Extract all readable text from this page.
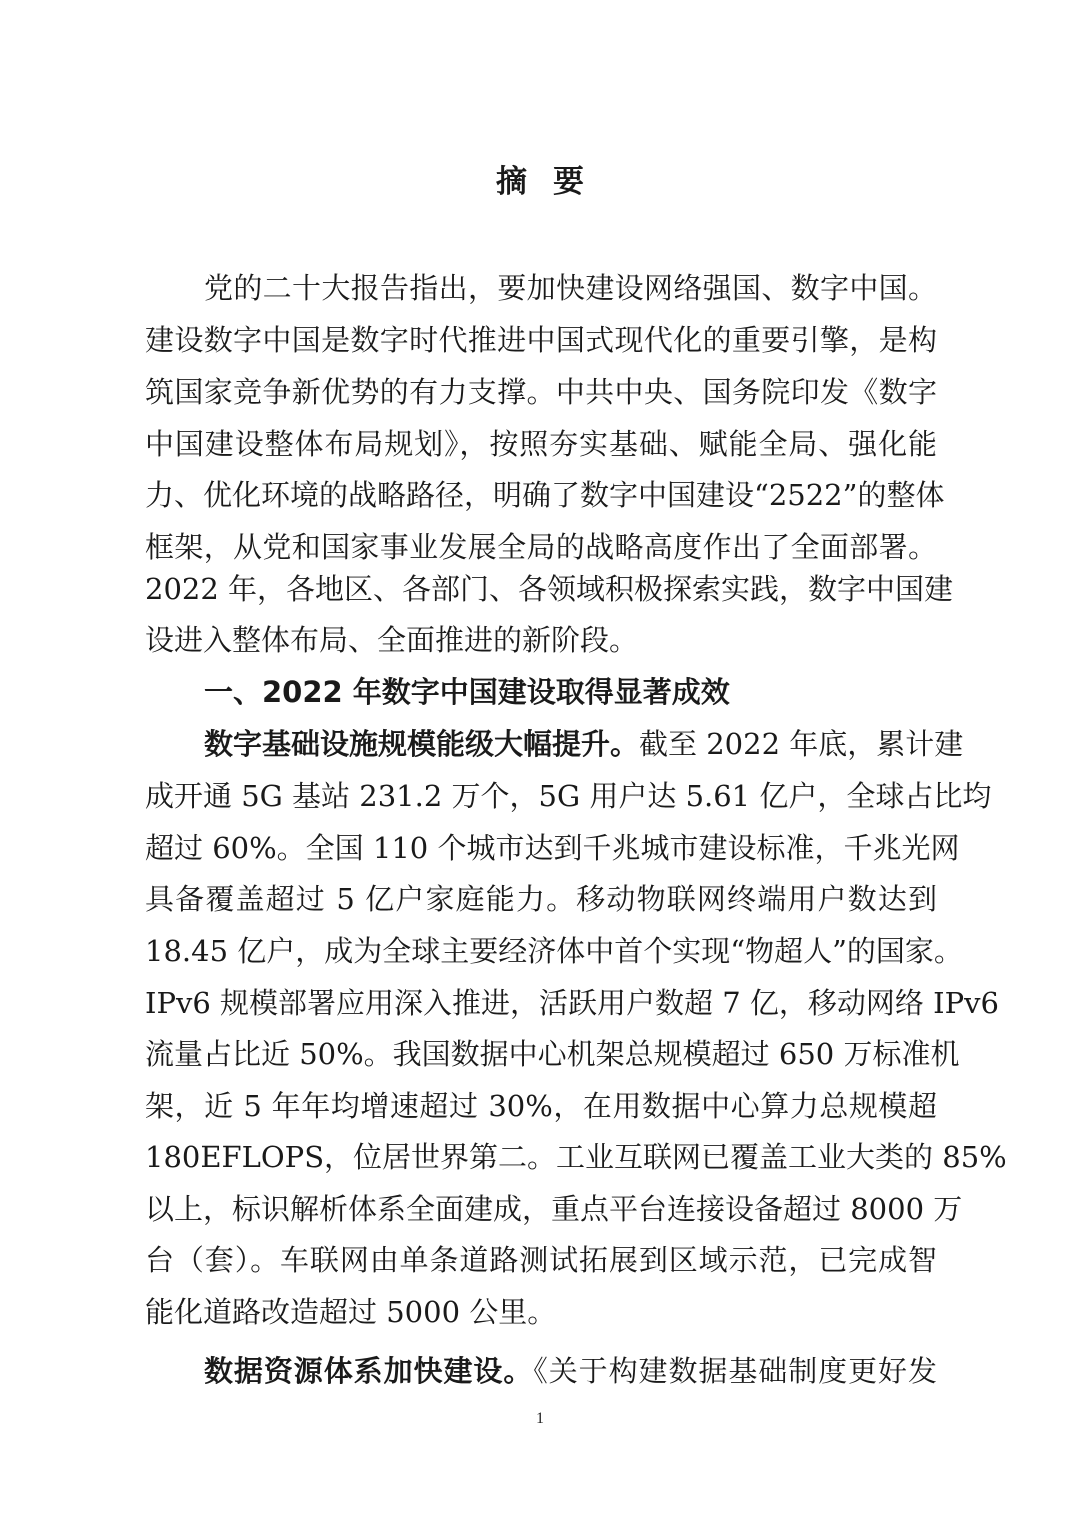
摘要
党的二十大报告指出，要加快建设网络强国、数字中国。
建设数字中国是数字时代推进中国式现代化的重要引擎，是构
筑国家竞争新优势的有力支撑。中共中央、国务院印发《数字
中国建设整体布局规划》，按照夯实基础、赋能全局、强化能
力、优化环境的战略路径，明确了数字中国建设“2522”的整体
框架，从党和国家事业发展全局的战略高度作出了全面部署。
2022 年，各地区、各部门、各领域积极探索实践，数字中国建
设进入整体布局、全面推进的新阶段。
一、2022 年数字中国建设取得显著成效
数字基础设施规模能级大幅提升。截至 2022 年底，累计建
成开通 5G 基站 231.2 万个，5G 用户达 5.61 亿户，全球占比均
超过 60%。全国 110 个城市达到千兆城市建设标准，千兆光网
具备覆盖超过 5 亿户家庭能力。移动物联网终端用户数达到
18.45 亿户，成为全球主要经济体中首个实现“物超人”的国家。
IPv6 规模部署应用深入推进，活跃用户数超 7 亿，移动网络 IPv6
流量占比近 50%。我国数据中心机架总规模超过 650 万标准机
架，近 5 年年均增速超过 30%，在用数据中心算力总规模超
180EFLOPS，位居世界第二。工业互联网已覆盖工业大类的 85%
以上，标识解析体系全面建成，重点平台连接设备超过 8000 万
台（套）。车联网由单条道路测试拓展到区域示范，已完成智
能化道路改造超过 5000 公里。
数据资源体系加快建设。《关于构建数据基础制度更好发
1
